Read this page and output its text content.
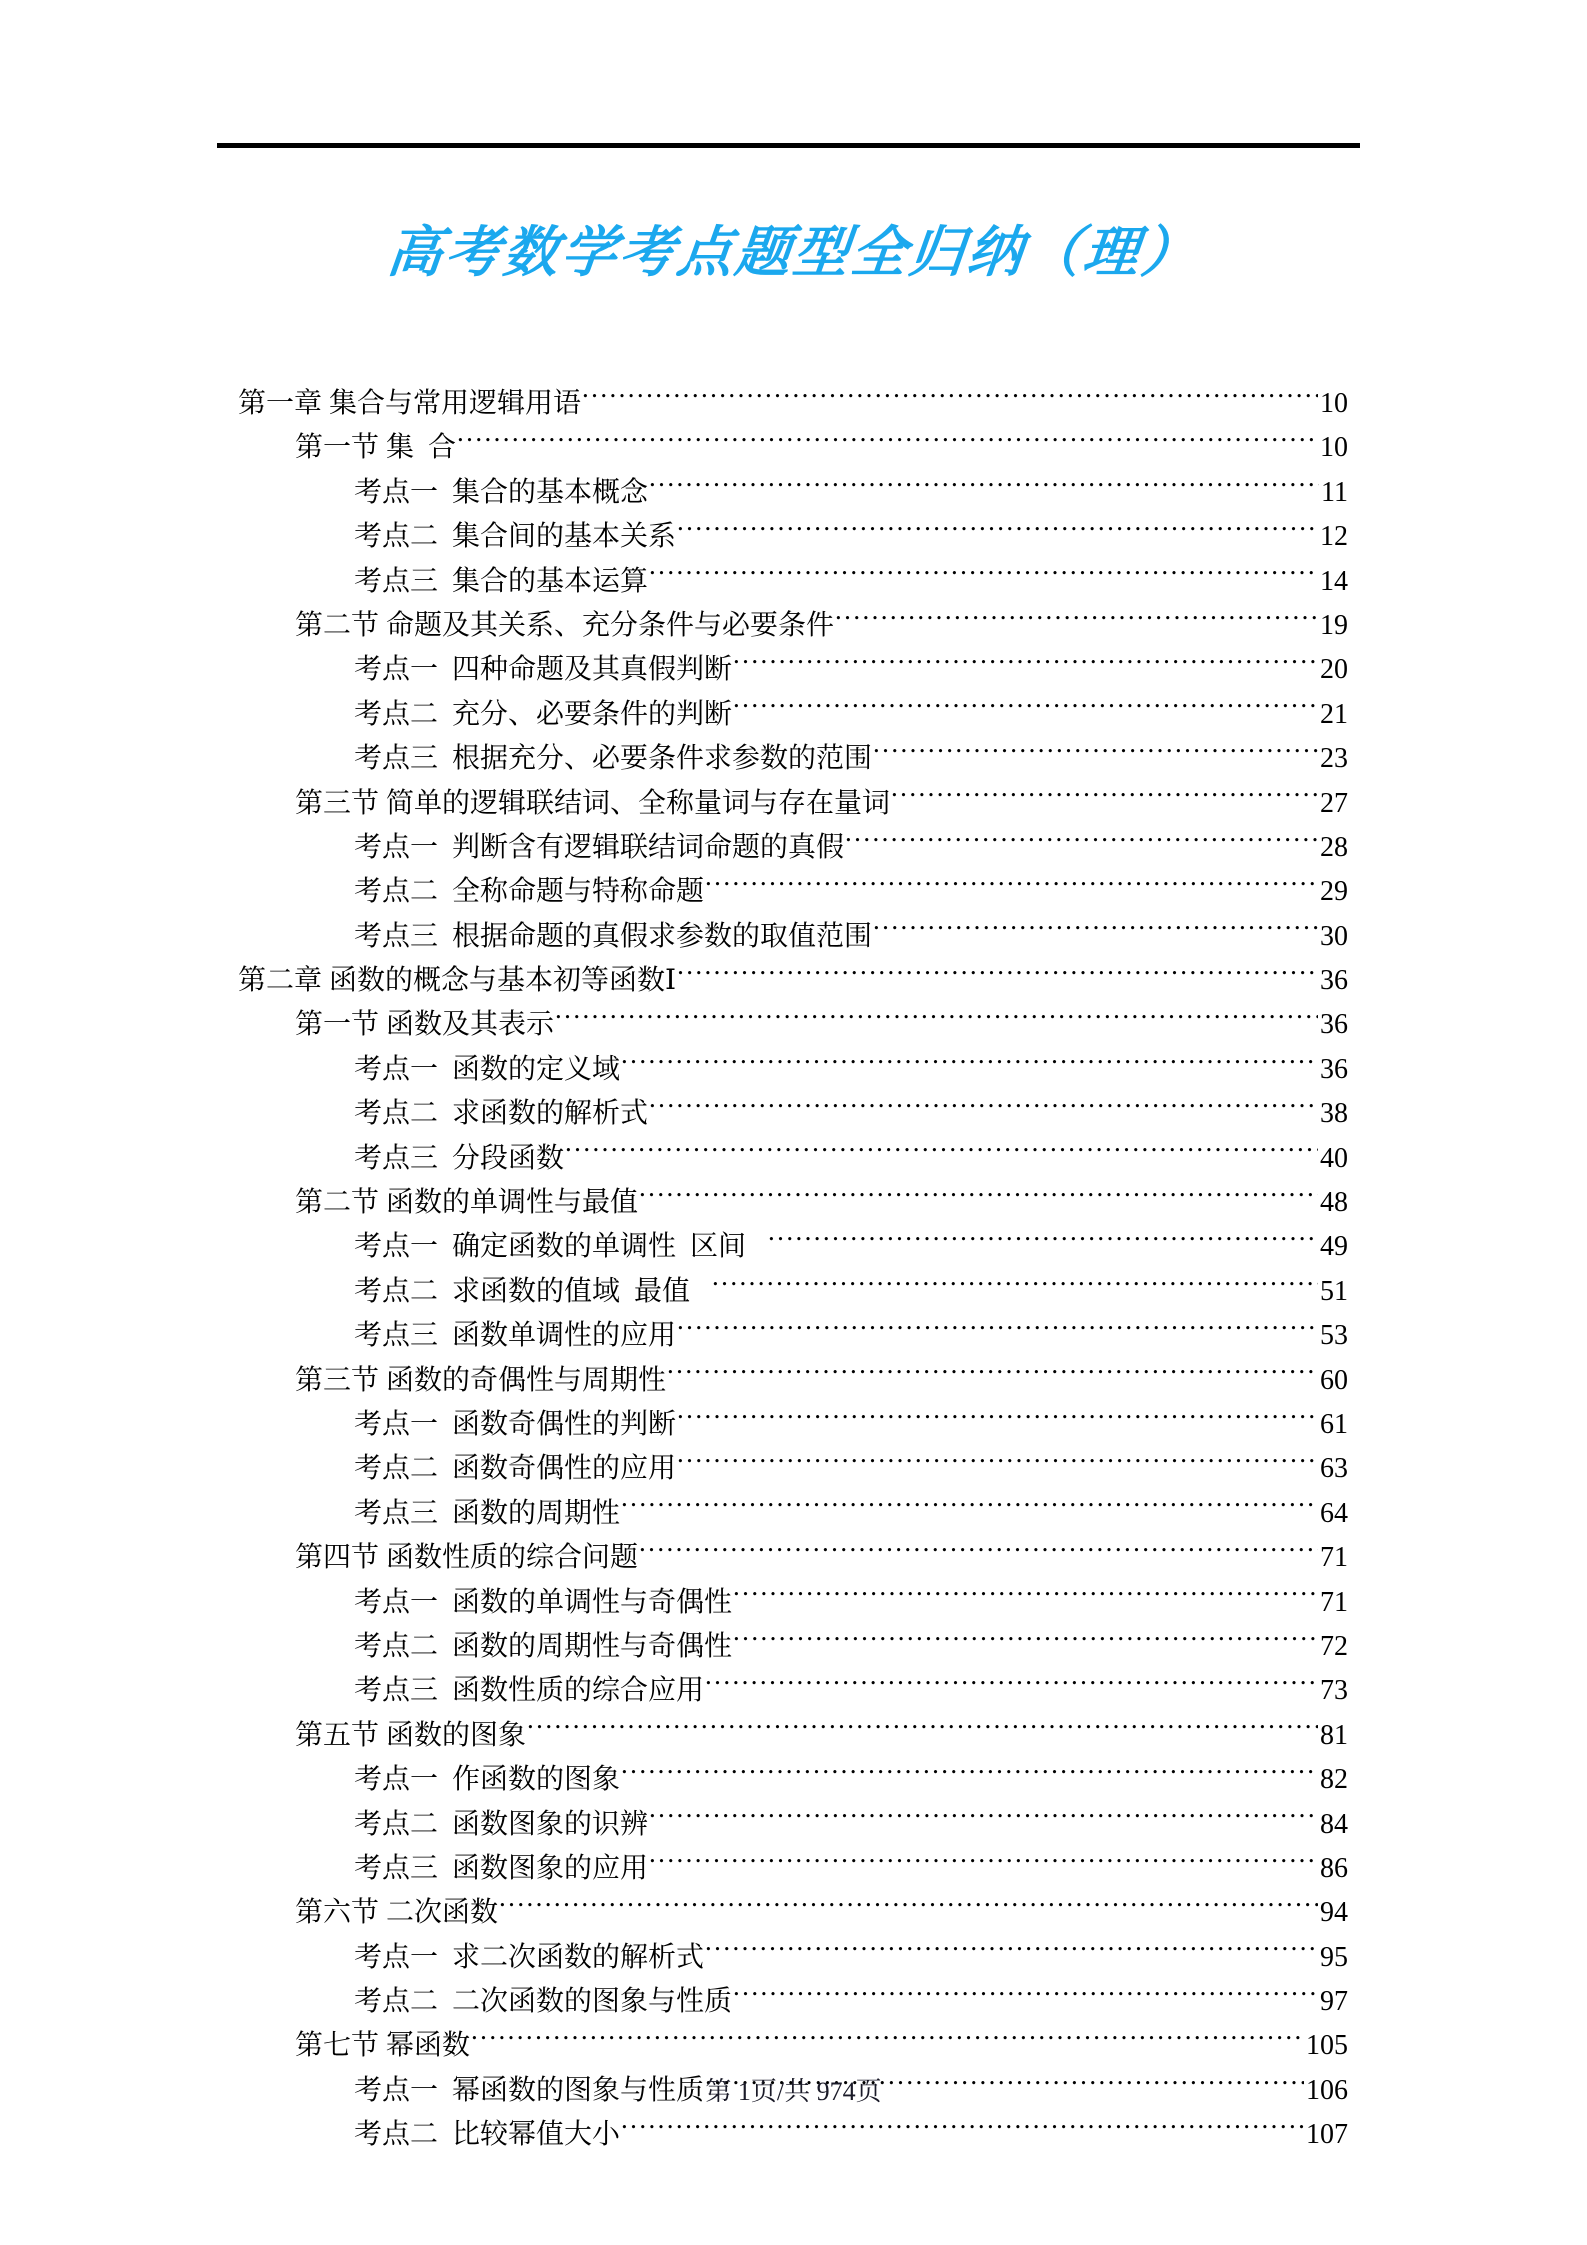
高考数学考点题型全归纳（理）
第一章 集合与常用逻辑用语 .....	10
第一节 集  合 .....	10
考点一  集合的基本概念 .....	11
考点二  集合间的基本关系 .....	12
考点三  集合的基本运算 .....	14
第二节 命题及其关系、充分条件与必要条件 .....	19
考点一  四种命题及其真假判断 .....	20
考点二  充分、必要条件的判断 .....	21
考点三  根据充分、必要条件求参数的范围 .....	23
第三节 简单的逻辑联结词、全称量词与存在量词 .....	27
考点一  判断含有逻辑联结词命题的真假 .....	28
考点二  全称命题与特称命题 .....	29
考点三  根据命题的真假求参数的取值范围 .....	30
第二章 函数的概念与基本初等函数Ⅰ .....	36
第一节 函数及其表示 .....	36
考点一  函数的定义域 .....	36
考点二  求函数的解析式 .....	38
考点三  分段函数 .....	40
第二节 函数的单调性与最值 .....	48
考点一  确定函数的单调性  区间 .....	49
考点二  求函数的值域  最值 .....	51
考点三  函数单调性的应用 .....	53
第三节 函数的奇偶性与周期性 .....	60
考点一  函数奇偶性的判断 .....	61
考点二  函数奇偶性的应用 .....	63
考点三  函数的周期性 .....	64
第四节 函数性质的综合问题 .....	71
考点一  函数的单调性与奇偶性 .....	71
考点二  函数的周期性与奇偶性 .....	72
考点三  函数性质的综合应用 .....	73
第五节 函数的图象 .....	81
考点一  作函数的图象 .....	82
考点二  函数图象的识辨 .....	84
考点三  函数图象的应用 .....	86
第六节 二次函数 .....	94
考点一  求二次函数的解析式 .....	95
考点二  二次函数的图象与性质 .....	97
第七节 幂函数 .....	105
考点一  幂函数的图象与性质 .....	106
考点二  比较幂值大小 .....	107
第 1页/共 974页
